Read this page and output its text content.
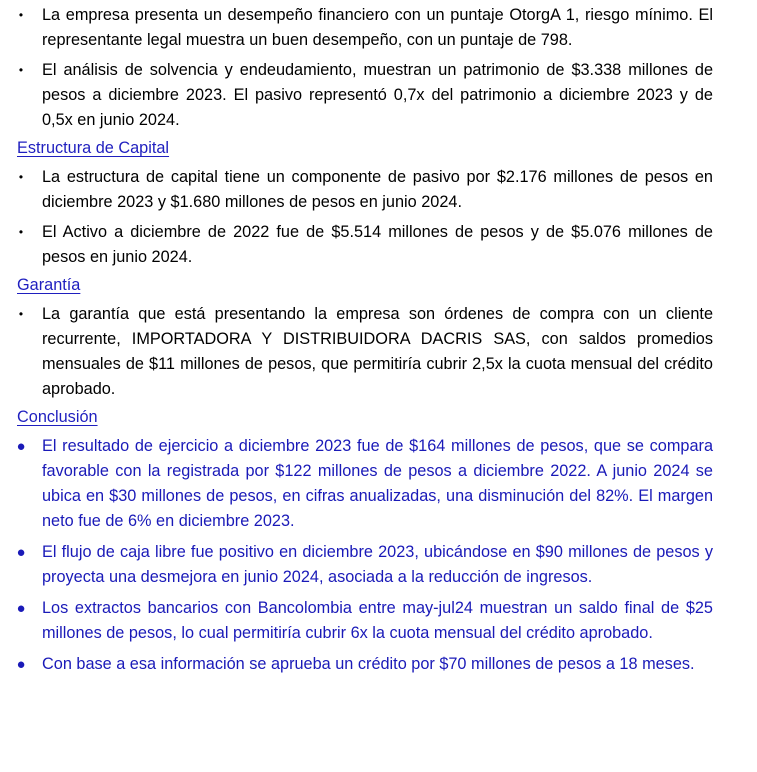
•	La empresa presenta un desempeño financiero con un puntaje OtorgA 1, riesgo mínimo. El representante legal muestra un buen desempeño, con un puntaje de 798.
•	El análisis de solvencia y endeudamiento, muestran un patrimonio de $3.338 millones de pesos a diciembre 2023. El pasivo representó 0,7x del patrimonio a diciembre 2023 y de 0,5x en junio 2024.
Estructura de Capital
•	La estructura de capital tiene un componente de pasivo por $2.176 millones de pesos en diciembre 2023 y $1.680 millones de pesos en junio 2024.
•	El Activo a diciembre de 2022 fue de $5.514 millones de pesos y de $5.076 millones de pesos en junio 2024.
Garantía
•	La garantía que está presentando la empresa son órdenes de compra con un cliente recurrente, IMPORTADORA Y DISTRIBUIDORA DACRIS SAS, con saldos promedios mensuales de $11 millones de pesos, que permitiría cubrir 2,5x la cuota mensual del crédito aprobado.
Conclusión
● El resultado de ejercicio a diciembre 2023 fue de $164 millones de pesos, que se compara favorable con la registrada por $122 millones de pesos a diciembre 2022. A junio 2024 se ubica en $30 millones de pesos, en cifras anualizadas, una disminución del 82%. El margen neto fue de 6% en diciembre 2023.
● El flujo de caja libre fue positivo en diciembre 2023, ubicándose en $90 millones de pesos y proyecta una desmejora en junio 2024, asociada a la reducción de ingresos.
● Los extractos bancarios con Bancolombia entre may-jul24 muestran un saldo final de $25 millones de pesos, lo cual permitiría cubrir 6x la cuota mensual del crédito aprobado.
● Con base a esa información se aprueba un crédito por $70 millones de pesos a 18 meses.
